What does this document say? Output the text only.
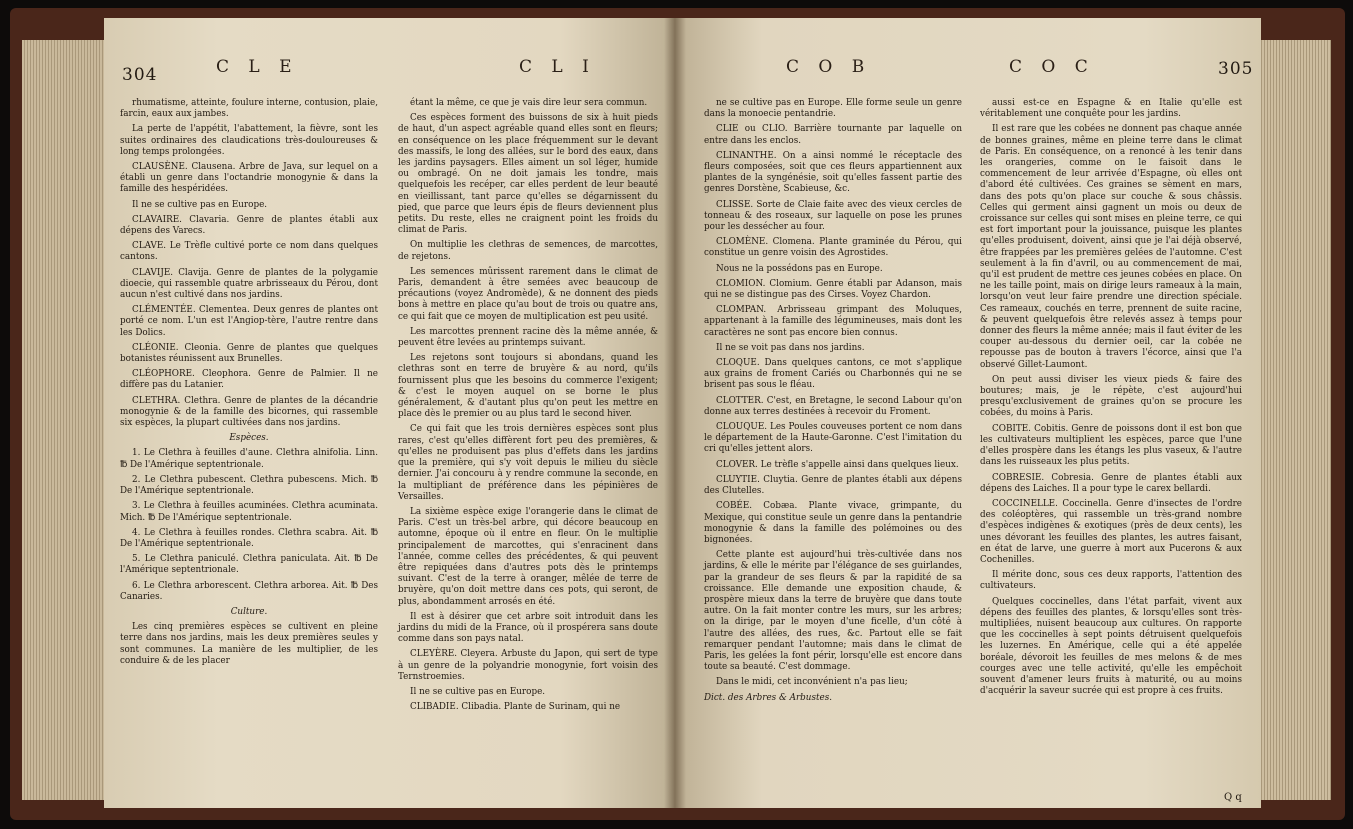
304	C L E	C L I

rhumatisme, atteinte, foulure interne, contusion, plaie, farcin, eaux aux jambes.

La perte de l'appétit, l'abattement, la fièvre, sont les suites ordinaires des claudications très-douloureuses & long temps prolongées.

CLAUSÈNE. Clausena. Arbre de Java, sur lequel on a établi un genre dans l'octandrie monogynie & dans la famille des hespéridées.

Il ne se cultive pas en Europe.

CLAVAIRE. Clavaria. Genre de plantes établi aux dépens des Varecs.

CLAVE. Le Trèfle cultivé porte ce nom dans quelques cantons.

CLAVIJE. Clavija. Genre de plantes de la polygamie dioecie, qui rassemble quatre arbrisseaux du Pérou, dont aucun n'est cultivé dans nos jardins.

CLÉMENTÉE. Clementea. Deux genres de plantes ont porté ce nom. L'un est l'Angiop-tère, l'autre rentre dans les Dolics.

CLÉONIE. Cleonia. Genre de plantes que quelques botanistes réunissent aux Brunelles.

CLÉOPHORE. Cleophora. Genre de Palmier. Il ne diffère pas du Latanier.

CLETHRA. Clethra. Genre de plantes de la décandrie monogynie & de la famille des bicornes, qui rassemble six espèces, la plupart cultivées dans nos jardins.

Espèces.

1. Le Clethra à feuilles d'aune. Clethra alnifolia. Linn. ℔ De l'Amérique septentrionale.

2. Le Clethra pubescent. Clethra pubescens. Mich. ℔ De l'Amérique septentrionale.

3. Le Clethra à feuilles acuminées. Clethra acuminata. Mich. ℔ De l'Amérique septentrionale.

4. Le Clethra à feuilles rondes. Clethra scabra. Ait. ℔ De l'Amérique septentrionale.

5. Le Clethra paniculé. Clethra paniculata. Ait. ℔ De l'Amérique septentrionale.

6. Le Clethra arborescent. Clethra arborea. Ait. ℔ Des Canaries.

Culture.

Les cinq premières espèces se cultivent en pleine terre dans nos jardins, mais les deux premières seules y sont communes. La manière de les multiplier, de les conduire & de les placer

étant la même, ce que je vais dire leur sera commun.

Ces espèces forment des buissons de six à huit pieds de haut, d'un aspect agréable quand elles sont en fleurs; en conséquence on les place fréquemment sur le devant des massifs, le long des allées, sur le bord des eaux, dans les jardins paysagers. Elles aiment un sol léger, humide ou ombragé. On ne doit jamais les tondre, mais quelquefois les recéper, car elles perdent de leur beauté en vieillissant, tant parce qu'elles se dégarnissent du pied, que parce que leurs épis de fleurs deviennent plus petits. Du reste, elles ne craignent point les froids du climat de Paris.

On multiplie les clethras de semences, de marcottes, de rejetons.

Les semences mûrissent rarement dans le climat de Paris, demandent à être semées avec beaucoup de précautions (voyez Andromède), & ne donnent des pieds bons à mettre en place qu'au bout de trois ou quatre ans, ce qui fait que ce moyen de multiplication est peu usité.

Les marcottes prennent racine dès la même année, & peuvent être levées au printemps suivant.

Les rejetons sont toujours si abondans, quand les clethras sont en terre de bruyère & au nord, qu'ils fournissent plus que les besoins du commerce l'exigent; & c'est le moyen auquel on se borne le plus généralement, & d'autant plus qu'on peut les mettre en place dès le premier ou au plus tard le second hiver.

Ce qui fait que les trois dernières espèces sont plus rares, c'est qu'elles diffèrent fort peu des premières, & qu'elles ne produisent pas plus d'effets dans les jardins que la première, qui s'y voit depuis le milieu du siècle dernier. J'ai concouru à y rendre commune la seconde, en la multipliant de préférence dans les pépinières de Versailles.

La sixième espèce exige l'orangerie dans le climat de Paris. C'est un très-bel arbre, qui décore beaucoup en automne, époque où il entre en fleur. On le multiplie principalement de marcottes, qui s'enracinent dans l'année, comme celles des précédentes, & qui peuvent être repiquées dans d'autres pots dès le printemps suivant. C'est de la terre à oranger, mêlée de terre de bruyère, qu'on doit mettre dans ces pots, qui seront, de plus, abondamment arrosés en été.

Il est à désirer que cet arbre soit introduit dans les jardins du midi de la France, où il prospérera sans doute comme dans son pays natal.

CLEYÈRE. Cleyera. Arbuste du Japon, qui sert de type à un genre de la polyandrie monogynie, fort voisin des Ternstroemies.

Il ne se cultive pas en Europe.

CLIBADIE. Clibadia. Plante de Surinam, qui ne

C O B	C O C	305

ne se cultive pas en Europe. Elle forme seule un genre dans la monoecie pentandrie.

CLIE ou CLIO. Barrière tournante par laquelle on entre dans les enclos.

CLINANTHE. On a ainsi nommé le réceptacle des fleurs composées, soit que ces fleurs appartiennent aux plantes de la syngénésie, soit qu'elles fassent partie des genres Dorstène, Scabieuse, &c.

CLISSE. Sorte de Claie faite avec des vieux cercles de tonneau & des roseaux, sur laquelle on pose les prunes pour les dessécher au four.

CLOMÈNE. Clomena. Plante graminée du Pérou, qui constitue un genre voisin des Agrostides.

Nous ne la possédons pas en Europe.

CLOMION. Clomium. Genre établi par Adanson, mais qui ne se distingue pas des Cirses. Voyez Chardon.

CLOMPAN. Arbrisseau grimpant des Moluques, appartenant à la famille des légumineuses, mais dont les caractères ne sont pas encore bien connus.

Il ne se voit pas dans nos jardins.

CLOQUE. Dans quelques cantons, ce mot s'applique aux grains de froment Cariés ou Charbonnés qui ne se brisent pas sous le fléau.

CLOTTER. C'est, en Bretagne, le second Labour qu'on donne aux terres destinées à recevoir du Froment.

CLOUQUE. Les Poules couveuses portent ce nom dans le département de la Haute-Garonne. C'est l'imitation du cri qu'elles jettent alors.

CLOVER. Le trèfle s'appelle ainsi dans quelques lieux.

CLUYTIE. Cluytia. Genre de plantes établi aux dépens des Clutelles.

COBÉE. Cobæa. Plante vivace, grimpante, du Mexique, qui constitue seule un genre dans la pentandrie monogynie & dans la famille des polémoines ou des bignonées.

Cette plante est aujourd'hui très-cultivée dans nos jardins, & elle le mérite par l'élégance de ses guirlandes, par la grandeur de ses fleurs & par la rapidité de sa croissance. Elle demande une exposition chaude, & prospère mieux dans la terre de bruyère que dans toute autre. On la fait monter contre les murs, sur les arbres; on la dirige, par le moyen d'une ficelle, d'un côté à l'autre des allées, des rues, &c. Partout elle se fait remarquer pendant l'automne; mais dans le climat de Paris, les gelées la font périr, lorsqu'elle est encore dans toute sa beauté. C'est dommage.

Dans le midi, cet inconvénient n'a pas lieu;

Dict. des Arbres & Arbustes.

aussi est-ce en Espagne & en Italie qu'elle est véritablement une conquête pour les jardins.

Il est rare que les cobées ne donnent pas chaque année de bonnes graines, même en pleine terre dans le climat de Paris. En conséquence, on a renoncé à les tenir dans les orangeries, comme on le faisoit dans le commencement de leur arrivée d'Espagne, où elles ont d'abord été cultivées. Ces graines se sèment en mars, dans des pots qu'on place sur couche & sous châssis. Celles qui germent ainsi gagnent un mois ou deux de croissance sur celles qui sont mises en pleine terre, ce qui est fort important pour la jouissance, puisque les plantes qu'elles produisent, doivent, ainsi que je l'ai déjà observé, être frappées par les premières gelées de l'automne. C'est seulement à la fin d'avril, ou au commencement de mai, qu'il est prudent de mettre ces jeunes cobées en place. On ne les taille point, mais on dirige leurs rameaux à la main, lorsqu'on veut leur faire prendre une direction spéciale. Ces rameaux, couchés en terre, prennent de suite racine, & peuvent quelquefois être relevés assez à temps pour donner des fleurs la même année; mais il faut éviter de les couper au-dessous du dernier oeil, car la cobée ne repousse pas de bouton à travers l'écorce, ainsi que l'a observé Gillet-Laumont.

On peut aussi diviser les vieux pieds & faire des boutures; mais, je le répète, c'est aujourd'hui presqu'exclusivement de graines qu'on se procure les cobées, du moins à Paris.

COBITE. Cobitis. Genre de poissons dont il est bon que les cultivateurs multiplient les espèces, parce que l'une d'elles prospère dans les étangs les plus vaseux, & l'autre dans les ruisseaux les plus petits.

COBRESIE. Cobresia. Genre de plantes établi aux dépens des Laiches. Il a pour type le carex bellardi.

COCCINELLE. Coccinella. Genre d'insectes de l'ordre des coléoptères, qui rassemble un très-grand nombre d'espèces indigènes & exotiques (près de deux cents), les unes dévorant les feuilles des plantes, les autres faisant, en état de larve, une guerre à mort aux Pucerons & aux Cochenilles.

Il mérite donc, sous ces deux rapports, l'attention des cultivateurs.

Quelques coccinelles, dans l'état parfait, vivent aux dépens des feuilles des plantes, & lorsqu'elles sont très-multipliées, nuisent beaucoup aux cultures. On rapporte que les coccinelles à sept points détruisent quelquefois les luzernes. En Amérique, celle qui a été appelée boréale, dévoroit les feuilles de mes melons & de mes courges avec une telle activité, qu'elle les empêchoit souvent d'amener leurs fruits à maturité, ou au moins d'acquérir la saveur sucrée qui est propre à ces fruits.

Q q
